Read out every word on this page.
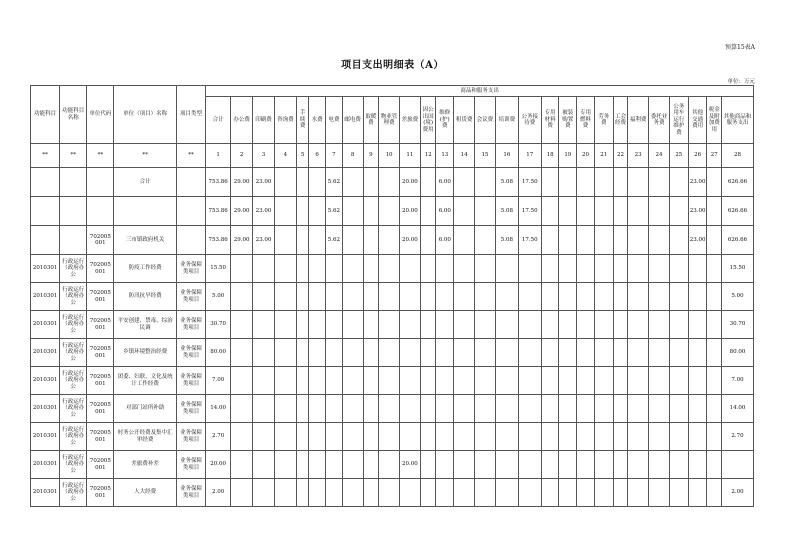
预算15表A
项目支出明细表（A）
单位：万元
功能科目	功能科目名称	单位代码	单位（项目）名称	项目类型	商品和服务支出																											
					合计	办公费	印刷费	咨询费	手续费	水费	电费	邮电费	取暖费	物业管理费	差旅费	因公出国(境)费用	维修(护)费	租赁费	会议费	培训费	公务接待费	专用材料费	被装购置费	专用燃料费	劳务费	工会经费	福利费	委托业务费	公务用车运行维护费	其他交通费用	税金及附加费用	其他商品和服务支出
**	**	**	**	**	1	2	3	4	5	6	7	8	9	10	11	12	13	14	15	16	17	18	19	20	21	22	23	24	25	26	27	28
			合计		753.86	29.00	23.00				5.62				20.00		6.00			5.08	17.50									23.00		626.66
					753.86	29.00	23.00				5.62				20.00		6.00			5.08	17.50									23.00		626.66
		702005001	三市镇政府机关		753.86	29.00	23.00				5.62				20.00		6.00			5.08	17.50									23.00		626.66
2010301	行政运行（政府办公	702005001	防疫工作经费	业务保障类项目	15.50																											15.50
2010301	行政运行（政府办公	702005001	防汛抗旱经费	业务保障类项目	5.00																											5.00
2010301	行政运行（政府办公	702005001	平安创建、禁毒、综治民调	业务保障类项目	30.70																											30.70
2010301	行政运行（政府办公	702005001	乡镇环境整治经费	业务保障类项目	80.00																											80.00
2010301	行政运行（政府办公	702005001	团委、妇联、文化及统计工作经费	业务保障类项目	7.00																											7.00
2010301	行政运行（政府办公	702005001	对部门站所补助	业务保障类项目	14.00																											14.00
2010301	行政运行（政府办公	702005001	村务公开经费及集中汇审经费	业务保障类项目	2.70																											2.70
2010301	行政运行（政府办公	702005001	差旅费补差	业务保障类项目	20.00										20.00																	
2010301	行政运行（政府办公	702005001	人大经费	业务保障类项目	2.00																											2.00
